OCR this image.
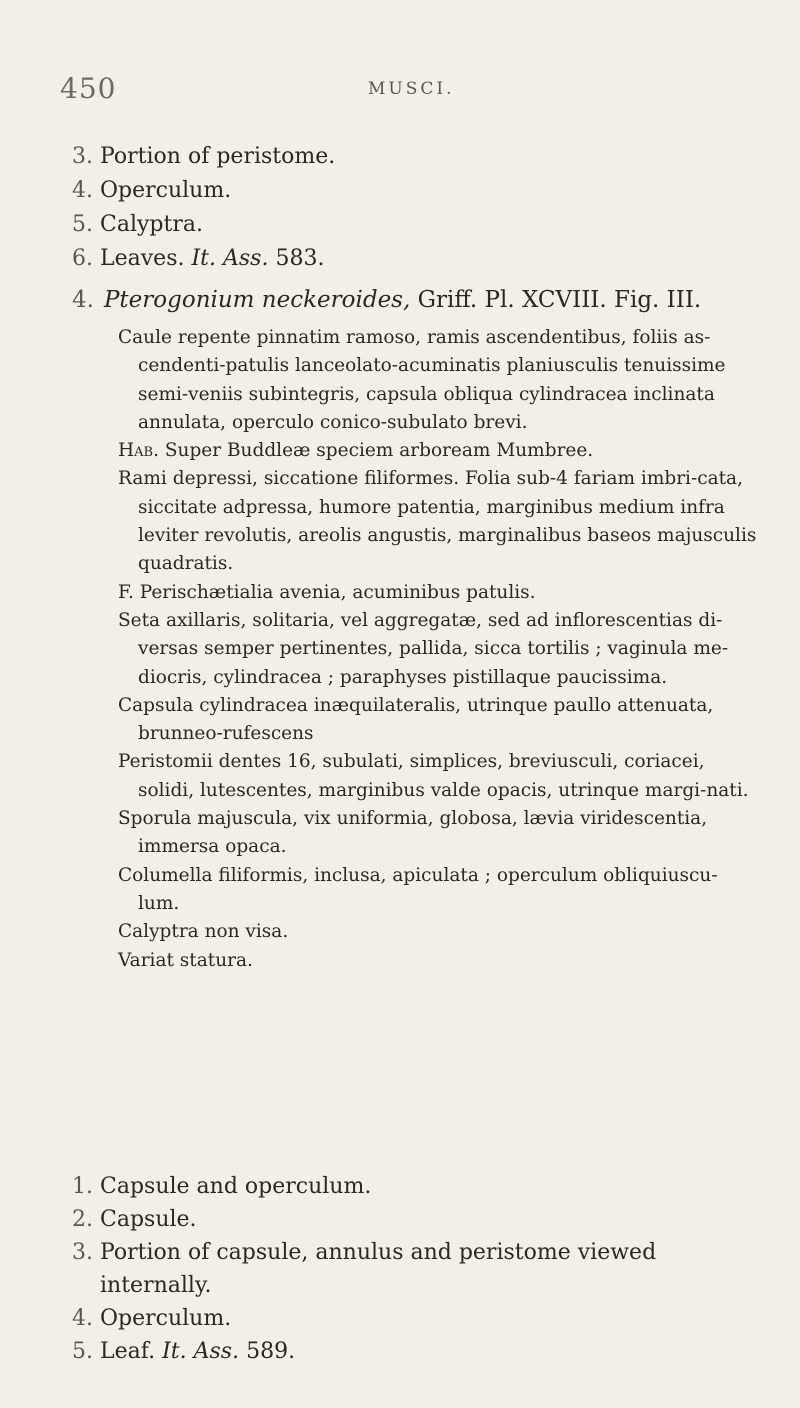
450	MUSCI.
3. Portion of peristome.
4. Operculum.
5. Calyptra.
6. Leaves. It. Ass. 583.
4. Pterogonium neckeroides, Griff. Pl. XCVIII. Fig. III.

Caule repente pinnatim ramoso, ramis ascendentibus, foliis as-cendenti-patulis lanceolato-acuminatis planiusculis tenuissime semi-veniis subintegris, capsula obliqua cylindracea inclinata annulata, operculo conico-subulato brevi.

Hab. Super Buddleæ speciem arboream Mumbree.

Rami depressi, siccatione filiformes. Folia sub-4 fariam imbri-cata, siccitate adpressa, humore patentia, marginibus medium infra leviter revolutis, areolis angustis, marginalibus baseos majusculis quadratis.

F. Perischætialia avenia, acuminibus patulis.

Seta axillaris, solitaria, vel aggregatæ, sed ad inflorescentias di-versas semper pertinentes, pallida, sicca tortilis ; vaginula me-diocris, cylindracea ; paraphyses pistillaque paucissima.

Capsula cylindracea inæquilateralis, utrinque paullo attenuata, brunneo-rufescens

Peristomii dentes 16, subulati, simplices, breviusculi, coriacei, solidi, lutescentes, marginibus valde opacis, utrinque margi-nati.

Sporula majuscula, vix uniformia, globosa, lævia viridescentia, immersa opaca.

Columella filiformis, inclusa, apiculata ; operculum obliquiuscu-lum.

Calyptra non visa.

Variat statura.

1. Capsule and operculum.
2. Capsule.
3. Portion of capsule, annulus and peristome viewed internally.
4. Operculum.
5. Leaf. It. Ass. 589.
